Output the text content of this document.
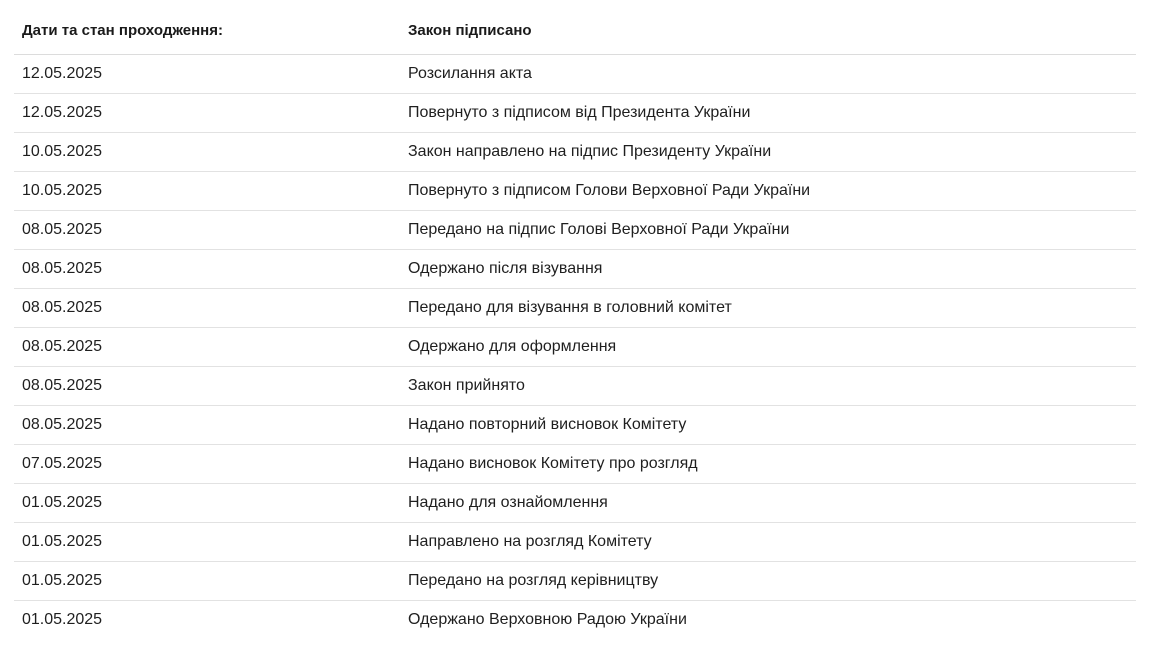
Дати та стан проходження:	Закон підписано
12.05.2025	Розсилання акта
12.05.2025	Повернуто з підписом від Президента України
10.05.2025	Закон направлено на підпис Президенту України
10.05.2025	Повернуто з підписом Голови Верховної Ради України
08.05.2025	Передано на підпис Голові Верховної Ради України
08.05.2025	Одержано після візування
08.05.2025	Передано для візування в головний комітет
08.05.2025	Одержано для оформлення
08.05.2025	Закон прийнято
08.05.2025	Надано повторний висновок Комітету
07.05.2025	Надано висновок Комітету про розгляд
01.05.2025	Надано для ознайомлення
01.05.2025	Направлено на розгляд Комітету
01.05.2025	Передано на розгляд керівництву
01.05.2025	Одержано Верховною Радою України
